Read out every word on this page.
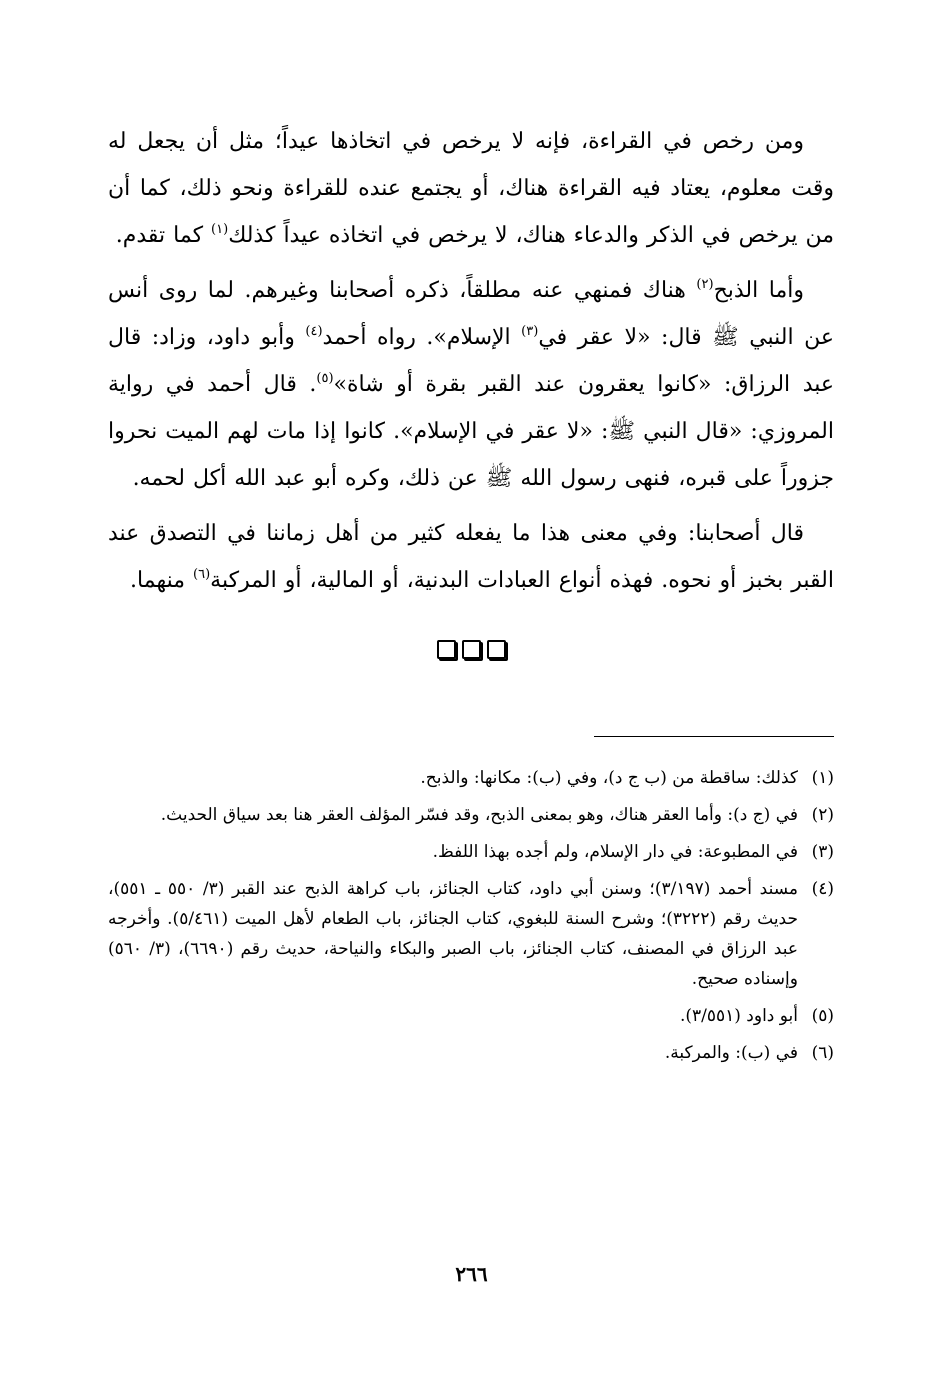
ومن رخص في القراءة، فإنه لا يرخص في اتخاذها عيداً؛ مثل أن يجعل له وقت معلوم، يعتاد فيه القراءة هناك، أو يجتمع عنده للقراءة ونحو ذلك، كما أن من يرخص في الذكر والدعاء هناك، لا يرخص في اتخاذه عيداً كذلك$^{(١)}$ كما تقدم.

وأما الذبح$^{(٢)}$ هناك فمنهي عنه مطلقاً، ذكره أصحابنا وغيرهم. لما روى أنس عن النبي ﷺ قال: «لا عقر في$^{(٣)}$ الإسلام». رواه أحمد$^{(٤)}$ وأبو داود، وزاد: قال عبد الرزاق: «كانوا يعقرون عند القبر بقرة أو شاة»$^{(٥)}$. قال أحمد في رواية المروزي: «قال النبي ﷺ: «لا عقر في الإسلام». كانوا إذا مات لهم الميت نحروا جزوراً على قبره، فنهى رسول الله ﷺ عن ذلك، وكره أبو عبد الله أكل لحمه.

قال أصحابنا: وفي معنى هذا ما يفعله كثير من أهل زماننا في التصدق عند القبر بخبز أو نحوه. فهذه أنواع العبادات البدنية، أو المالية، أو المركبة$^{(٦)}$ منهما.

(١)
كذلك: ساقطة من (ب ج د)، وفي (ب): مكانها: والذبح.
(٢)
في (ج د): وأما العقر هناك، وهو بمعنى الذبح، وقد فسّر المؤلف العقر هنا بعد سياق الحديث.
(٣)
في المطبوعة: في دار الإسلام، ولم أجده بهذا اللفظ.
(٤)
مسند أحمد (٣/١٩٧)؛ وسنن أبي داود، كتاب الجنائز، باب كراهة الذبح عند القبر (٣/ ٥٥٠ ـ ٥٥١)، حديث رقم (٣٢٢٢)؛ وشرح السنة للبغوي، كتاب الجنائز، باب الطعام لأهل الميت (٥/٤٦١). وأخرجه عبد الرزاق في المصنف، كتاب الجنائز، باب الصبر والبكاء والنياحة، حديث رقم (٦٦٩٠)، (٣/ ٥٦٠) وإسناده صحيح.
(٥)
أبو داود (٣/٥٥١).
(٦)
في (ب): والمركبة.
٢٦٦
